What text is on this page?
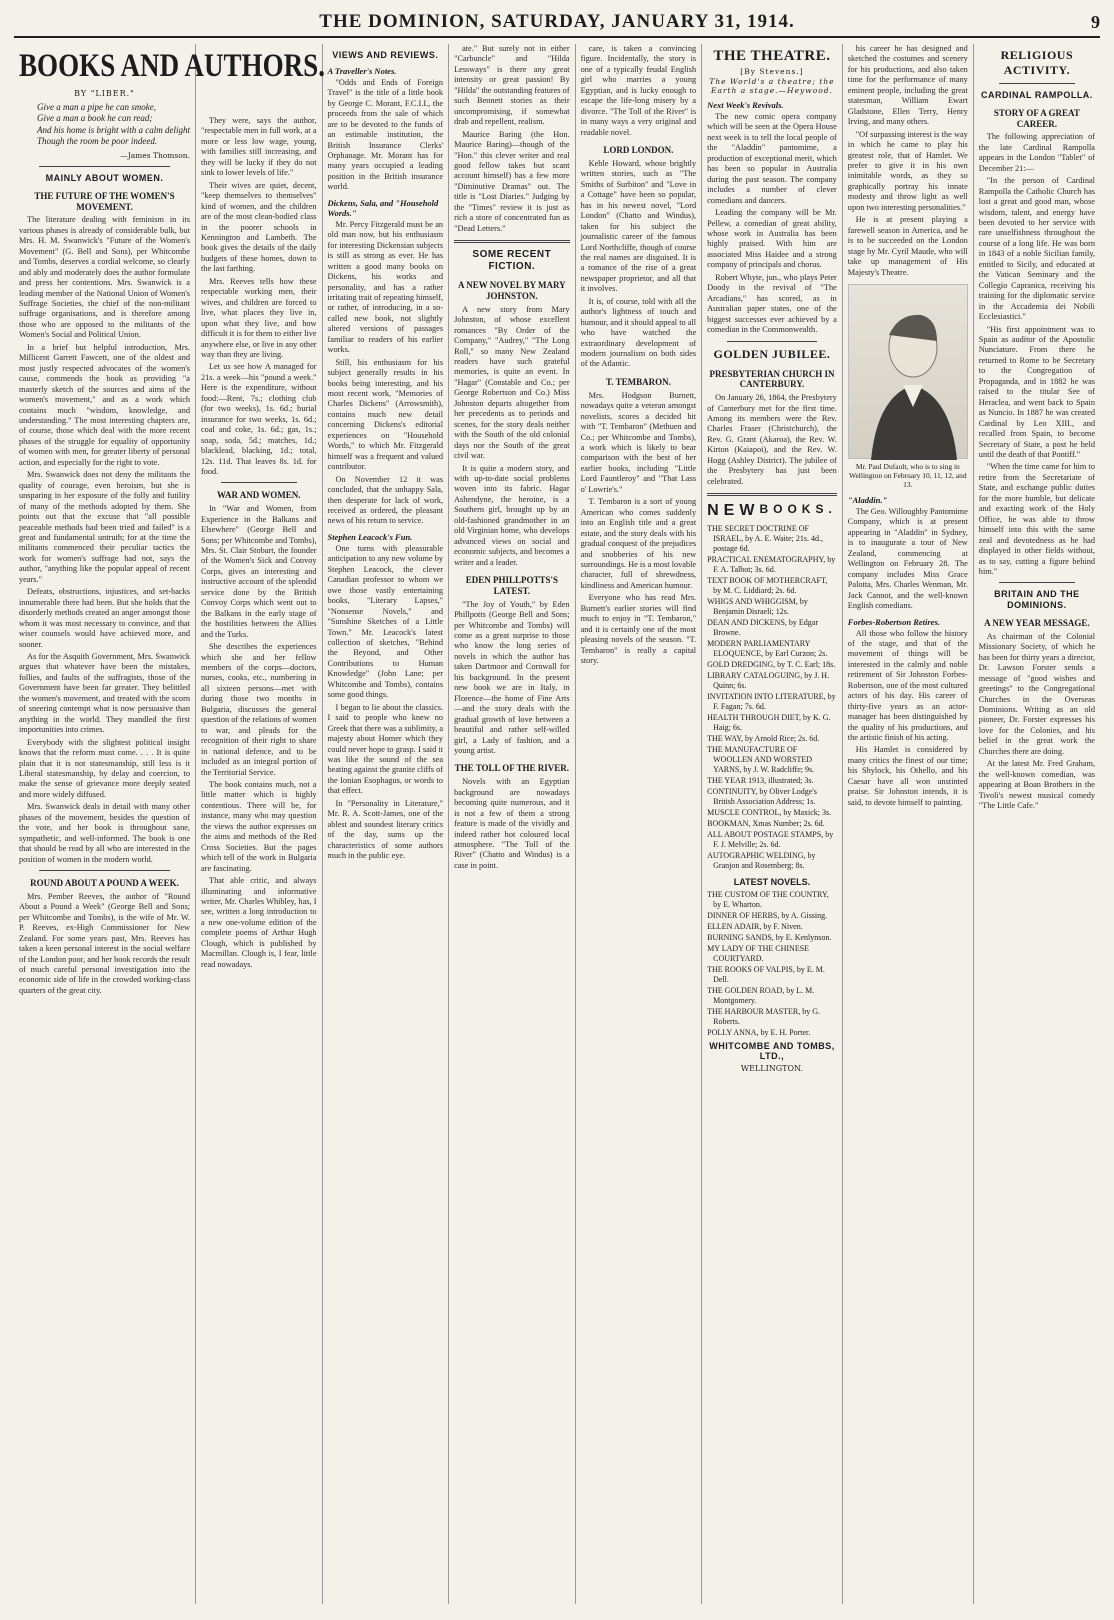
THE DOMINION, SATURDAY, JANUARY 31, 1914.	9
BOOKS AND AUTHORS.
BY "LIBER."
Give a man a pipe he can smoke,
Give a man a book he can read;
And his home is bright with a calm delight
Though the room be poor indeed.
—James Thomson.
MAINLY ABOUT WOMEN.
THE FUTURE OF THE WOMEN'S MOVEMENT.

The literature dealing with feminism in its various phases is already of considerable bulk, but Mrs. H. M. Swanwick's "Future of the Women's Movement" (G. Bell and Sons), per Whitcombe and Tombs, deserves a cordial welcome, so clearly and ably and moderately does the author formulate and press her contentions. Mrs. Swanwick is a leading member of the National Union of Women's Suffrage Societies, the chief of the non-militant suffrage organisations, and is therefore among those who are opposed to the militants of the Women's Social and Political Union.

In a brief but helpful introduction, Mrs. Millicent Garrett Fawcett, one of the oldest and most justly respected advocates of the women's cause, commends the book as providing "a masterly sketch of the sources and aims of the women's movement," and as a work which contains much "wisdom, knowledge, and understanding." The most interesting chapters are, of course, those which deal with the more recent phases of the struggle for equality of opportunity of women with men, for greater liberty of personal action, and especially for the right to vote.

Mrs. Swanwick does not deny the militants the quality of courage, even heroism, but she is unsparing in her exposure of the folly and futility of many of the methods adopted by them. She points out that the excuse that "all possible peaceable methods had been tried and failed" is a great and fundamental untruth; for at the time the militants commenced their peculiar tactics the work for women's suffrage had not, says the author, "anything like the popular appeal of recent years."

Defeats, obstructions, injustices, and set-backs innumerable there had been. But she holds that the disorderly methods created an anger amongst those whom it was most necessary to convince, and that wiser counsels would have achieved more, and sooner.

As for the Asquith Government, Mrs. Swanwick argues that whatever have been the mistakes, follies, and faults of the suffragists, those of the Government have been far greater. They belittled the women's movement, and treated with the scorn of sneering contempt what is now persuasive than anything in the world. They mandled the first importunities into crimes.

Everybody with the slightest political insight knows that the reform must come. . . . It is quite plain that it is not statesmanship, still less is it Liberal statesmanship, by delay and coercion, to make the sense of grievance more deeply seated and more widely diffused.

Mrs. Swanwick deals in detail with many other phases of the movement, besides the question of the vote, and her book is throughout sane, sympathetic, and well-informed. The book is one that should be read by all who are interested in the position of women in the modern world.

ROUND ABOUT A POUND A WEEK.

Mrs. Pember Reeves, the author of "Round About a Pound a Week" (George Bell and Sons; per Whitcombe and Tombs), is the wife of Mr. W. P. Reeves, ex-High Commissioner for New Zealand. For some years past, Mrs. Reeves has taken a keen personal interest in the social welfare of the London poor, and her book records the result of much careful personal investigation into the economic side of life in the crowded working-class quarters of the great city.

They were, says the author, "respectable men in full work, at a more or less low wage, young, with families still increasing, and they will be lucky if they do not sink to lower levels of life."

Their wives are quiet, decent, "keep themselves to themselves" kind of women, and the children are of the most clean-bodied class in the poorer schools in Kennington and Lambeth. The book gives the details of the daily budgets of these homes, down to the last farthing.

Mrs. Reeves tells how these respectable working men, their wives, and children are forced to live, what places they live in, upon what they live, and how difficult it is for them to either live anywhere else, or live in any other way than they are living.

Let us see how A managed for 21s. a week—his "pound a week." Here is the expenditure, without food:—Rent, 7s.; clothing club (for two weeks), 1s. 6d.; burial insurance for two weeks, 1s. 6d.; coal and coke, 1s. 6d.; gas, 1s.; soap, soda, 5d.; matches, 1d.; blacklead, blacking, 1d.; total, 12s. 11d. That leaves 8s. 1d. for food.

WAR AND WOMEN.

In "War and Women, from Experience in the Balkans and Elsewhere" (George Bell and Sons; per Whitcombe and Tombs), Mrs. St. Clair Stobart, the founder of the Women's Sick and Convoy Corps, gives an interesting and instructive account of the splendid service done by the British Convoy Corps which went out to the Balkans in the early stage of the hostilities between the Allies and the Turks.

She describes the experiences which she and her fellow members of the corps—doctors, nurses, cooks, etc., numbering in all sixteen persons—met with during those two months in Bulgaria, discusses the general question of the relations of women to war, and pleads for the recognition of their right to share in national defence, and to be included as an integral portion of the Territorial Service.

The book contains much, not a little matter which is highly contentious. There will be, for instance, many who may question the views the author expresses on the aims and methods of the Red Cross Societies. But the pages which tell of the work in Bulgaria are fascinating.

That able critic, and always illuminating and informative writer, Mr. Charles Whibley, has, I see, written a long introduction to a new one-volume edition of the complete poems of Arthur Hugh Clough, which is published by Macmillan. Clough is, I fear, little read nowadays.

VIEWS AND REVIEWS.
A Traveller's Notes.

"Odds and Ends of Foreign Travel" is the title of a little book by George C. Morant, F.C.I.I., the proceeds from the sale of which are to be devoted to the funds of an estimable institution, the British Insurance Clerks' Orphanage. Mr. Morant has for many years occupied a leading position in the British insurance world.

Dickens, Sala, and "Household Words."

Mr. Percy Fitzgerald must be an old man now, but his enthusiasm for interesting Dickensian subjects is still as strong as ever. He has written a good many books on Dickens, his works and personality, and has a rather irritating trait of repeating himself, or rather, of introducing, in a so-called new book, not slightly altered versions of passages familiar to readers of his earlier works.

Still, his enthusiasm for his subject generally results in his books being interesting, and his most recent work, "Memories of Charles Dickens" (Arrowsmith), contains much new detail concerning Dickens's editorial experiences on "Household Words," to which Mr. Fitzgerald himself was a frequent and valued contributor.

On November 12 it was concluded, that the unhappy Sala, then desperate for lack of work, received as ordered, the pleasant news of his return to service.

Stephen Leacock's Fun.

One turns with pleasurable anticipation to any new volume by Stephen Leacock, the clever Canadian professor to whom we owe those vastly entertaining books, "Literary Lapses," "Nonsense Novels," and "Sunshine Sketches of a Little Town." Mr. Leacock's latest collection of sketches, "Behind the Beyond, and Other Contributions to Human Knowledge" (John Lane; per Whitcombe and Tombs), contains some good things.

I began to lie about the classics. I said to people who knew no Greek that there was a sublimity, a majesty about Homer which they could never hope to grasp. I said it was like the sound of the sea beating against the granite cliffs of the Ionian Esophagus, or words to that effect.

In "Personality in Literature," Mr. R. A. Scott-James, one of the ablest and soundest literary critics of the day, sums up the characteristics of some authors much in the public eye.

ate." But surely not in either "Carbuncle" and "Hilda Lessways" is there any great intensity or great passion! By "Hilda" the outstanding features of such Bennett stories as their uncompromising, if somewhat drab and repellent, realism.

Maurice Baring (the Hon. Maurice Baring)—though of the "Hon." this clever writer and real good fellow takes but scant account himself) has a few more "Diminutive Dramas" out. The title is "Lost Diaries." Judging by the "Times" review it is just as rich a store of concentrated fun as "Dead Letters."

SOME RECENT FICTION.
A NEW NOVEL BY MARY JOHNSTON.

A new story from Mary Johnston, of whose excellent romances "By Order of the Company," "Audrey," "The Long Roll," so many New Zealand readers have such grateful memories, is quite an event. In "Hagar" (Constable and Co.; per George Robertson and Co.) Miss Johnston departs altogether from her precedents as to periods and scenes, for the story deals neither with the South of the old colonial days nor the South of the great civil war.

It is quite a modern story, and with up-to-date social problems woven into its fabric. Hagar Ashendyne, the heroine, is a Southern girl, brought up by an old-fashioned grandmother in an old Virginian home, who develops advanced views on social and economic subjects, and becomes a writer and a leader.

EDEN PHILLPOTTS'S LATEST.

"The Joy of Youth," by Eden Phillpotts (George Bell and Sons; per Whitcombe and Tombs) will come as a great surprise to those who know the long series of novels in which the author has taken Dartmoor and Cornwall for his background. In the present new book we are in Italy, in Florence—the home of Fine Arts—and the story deals with the gradual growth of love between a beautiful and rather self-willed girl, a Lady of fashion, and a young artist.

THE TOLL OF THE RIVER.

Novels with an Egyptian background are nowadays becoming quite numerous, and it is not a few of them a strong feature is made of the vividly and indeed rather hot coloured local atmosphere. "The Toll of the River" (Chatto and Windus) is a case in point.

care, is taken a convincing figure. Incidentally, the story is one of a typically feudal English girl who marries a young Egyptian, and is lucky enough to escape the life-long misery by a divorce. "The Toll of the River" is in many ways a very original and readable novel.

LORD LONDON.

Keble Howard, whose brightly written stories, such as "The Smiths of Surbiton" and "Love in a Cottage" have been so popular, has in his newest novel, "Lord London" (Chatto and Windus), taken for his subject the journalistic career of the famous Lord Northcliffe, though of course the real names are disguised. It is a romance of the rise of a great newspaper proprietor, and all that it involves.

It is, of course, told with all the author's lightness of touch and humour, and it should appeal to all who have watched the extraordinary development of modern journalism on both sides of the Atlantic.

T. TEMBARON.

Mrs. Hodgson Burnett, nowadays quite a veteran amongst novelists, scores a decided hit with "T. Tembaron" (Methuen and Co.; per Whitcombe and Tombs), a work which is likely to bear comparison with the best of her earlier books, including "Little Lord Fauntleroy" and "That Lass o' Lowrie's."

T. Tembaron is a sort of young American who comes suddenly into an English title and a great estate, and the story deals with his gradual conquest of the prejudices and snobberies of his new surroundings. He is a most lovable character, full of shrewdness, kindliness and American humour.

Everyone who has read Mrs. Burnett's earlier stories will find much to enjoy in "T. Tembaron," and it is certainly one of the most pleasing novels of the season. "T. Tembaron" is really a capital story.

THE THEATRE.
[By Stevens.]
The World's a theatre; the Earth a stage.—Heywood.
Next Week's Revivals.

The new comic opera company which will be seen at the Opera House next week is to tell the local people of the "Aladdin" pantomime, a production of exceptional merit, which has been so popular in Australia during the past season. The company includes a number of clever comedians and dancers.

Leading the company will be Mr. Pellew, a comedian of great ability, whose work in Australia has been highly praised. With him are associated Miss Haidee and a strong company of principals and chorus.

Robert Whyte, jun., who plays Peter Doody in the revival of "The Arcadians," has scored, as in Australian paper states, one of the biggest successes ever achieved by a comedian in the Commonwealth.

GOLDEN JUBILEE.
PRESBYTERIAN CHURCH IN CANTERBURY.

On January 26, 1864, the Presbytery of Canterbury met for the first time. Among its members were the Rev. Charles Fraser (Christchurch), the Rev. G. Grant (Akaroa), the Rev. W. Kirton (Kaiapoi), and the Rev. W. Hogg (Ashley District). The jubilee of the Presbytery has just been celebrated.

NEW BOOKS.
THE SECRET DOCTRINE OF ISRAEL, by A. E. Waite; 21s. 4d., postage 6d.
PRACTICAL ENEMATOGRAPHY, by F. A. Talbot; 3s. 6d.
TEXT BOOK OF MOTHERCRAFT, by M. C. Liddiard; 2s. 6d.
WHIGS AND WHIGGISM, by Benjamin Disraeli; 12s.
DEAN AND DICKENS, by Edgar Browne.
MODERN PARLIAMENTARY ELOQUENCE, by Earl Curzon; 2s.
GOLD DREDGING, by T. C. Earl; 18s.
LIBRARY CATALOGUING, by J. H. Quinn; 6s.
INVITATION INTO LITERATURE, by F. Fagan; 7s. 6d.
HEALTH THROUGH DIET, by K. G. Haig; 6s.
THE WAY, by Arnold Rice; 2s. 6d.
THE MANUFACTURE OF WOOLLEN AND WORSTED YARNS, by J. W. Radcliffe; 9s.
THE YEAR 1913, illustrated; 3s.
CONTINUITY, by Oliver Lodge's British Association Address; 1s.
MUSCLE CONTROL, by Maxick; 3s.
BOOKMAN, Xmas Number; 2s. 6d.
ALL ABOUT POSTAGE STAMPS, by F. J. Melville; 2s. 6d.
AUTOGRAPHIC WELDING, by Granjon and Rosemberg; 8s.
LATEST NOVELS.
THE CUSTOM OF THE COUNTRY, by E. Wharton.
DINNER OF HERBS, by A. Gissing.
ELLEN ADAIR, by F. Niven.
BURNING SANDS, by E. Kenlynson.
MY LADY OF THE CHINESE COURTYARD.
THE ROOKS OF VALPIS, by E. M. Dell.
THE GOLDEN ROAD, by L. M. Montgomery.
THE HARBOUR MASTER, by G. Roberts.
POLLY ANNA, by E. H. Porter.
WHITCOMBE AND TOMBS, LTD.,
WELLINGTON.

his career he has designed and sketched the costumes and scenery for his productions, and also taken time for the performance of many eminent people, including the great statesman, William Ewart Gladstone, Ellen Terry, Henry Irving, and many others.

"Of surpassing interest is the way in which he came to play his greatest role, that of Hamlet. We prefer to give it in his own inimitable words, as they so graphically portray his innate modesty and throw light as well upon two interesting personalities."

He is at present playing a farewell season in America, and he is to be succeeded on the London stage by Mr. Cyril Maude, who will take up management of His Majesty's Theatre.

Mr. Paul Dufault, who is to sing in Wellington on February 10, 11, 12, and 13.
"Aladdin."

The Geo. Willoughby Pantomime Company, which is at present appearing in "Aladdin" in Sydney, is to inaugurate a tour of New Zealand, commencing at Wellington on February 28. The company includes Miss Grace Palotta, Mrs. Charles Wenman, Mr. Jack Cannot, and the well-known English comedians.

Forbes-Robertson Retires.

All those who follow the history of the stage, and that of the movement of things will be interested in the calmly and noble retirement of Sir Johnston Forbes-Robertson, one of the most cultured actors of his day. His career of thirty-five years as an actor-manager has been distinguished by the quality of his productions, and the artistic finish of his acting.

His Hamlet is considered by many critics the finest of our time; his Shylock, his Othello, and his Caesar have all won unstinted praise. Sir Johnston intends, it is said, to devote himself to painting.

RELIGIOUS ACTIVITY.
CARDINAL RAMPOLLA.
STORY OF A GREAT CAREER.

The following appreciation of the late Cardinal Rampolla appears in the London "Tablet" of December 21:—

"In the person of Cardinal Rampolla the Catholic Church has lost a great and good man, whose wisdom, talent, and energy have been devoted to her service with rare unselfishness throughout the course of a long life. He was born in 1843 of a noble Sicilian family, entitled to Sicily, and educated at the Vatican Seminary and the Collegio Capranica, receiving his training for the diplomatic service in the Accademia dei Nobili Ecclesiastici."

"His first appointment was to Spain as auditor of the Apostolic Nunciature. From there he returned to Rome to be Secretary to the Congregation of Propaganda, and in 1882 he was raised to the titular See of Heraclea, and went back to Spain as Nuncio. In 1887 he was created Cardinal by Leo XIII., and recalled from Spain, to become Secretary of State, a post he held until the death of that Pontiff."

"When the time came for him to retire from the Secretariate of State, and exchange public duties for the more humble, but delicate and exacting work of the Holy Office, he was able to throw himself into this with the same zeal and devotedness as he had displayed in other fields without, as to say, cutting a figure behind him."

BRITAIN AND THE DOMINIONS.
A NEW YEAR MESSAGE.

As chairman of the Colonial Missionary Society, of which he has been for thirty years a director, Dr. Lawson Forster sends a message of "good wishes and greetings" to the Congregational Churches in the Overseas Dominions. Writing as an old pioneer, Dr. Forster expresses his love for the Colonies, and his belief in the great work the Churches there are doing.

At the latest Mr. Fred Graham, the well-known comedian, was appearing at Boan Brothers in the Tivoli's newest musical comedy "The Little Cafe."
